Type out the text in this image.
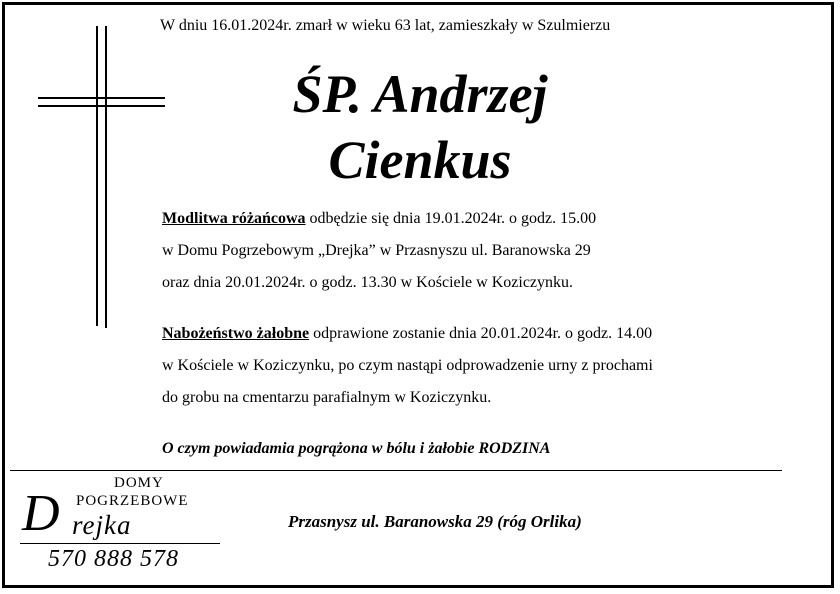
W dniu 16.01.2024r. zmarł w wieku 63 lat, zamieszkały w Szulmierzu
ŚP. Andrzej
Cienkus
Modlitwa różańcowa odbędzie się dnia 19.01.2024r. o godz. 15.00
w Domu Pogrzebowym „Drejka” w Przasnyszu ul. Baranowska 29
oraz dnia 20.01.2024r. o godz. 13.30 w Kościele w Koziczynku.
Nabożeństwo żałobne odprawione zostanie dnia 20.01.2024r. o godz. 14.00
w Kościele w Koziczynku, po czym nastąpi odprowadzenie urny z prochami
do grobu na cmentarzu parafialnym w Koziczynku.
O czym powiadamia pogrążona w bólu i żałobie RODZINA
DOMY
POGRZEBOWE
D rejka
570 888 578
Przasnysz ul. Baranowska 29 (róg Orlika)
